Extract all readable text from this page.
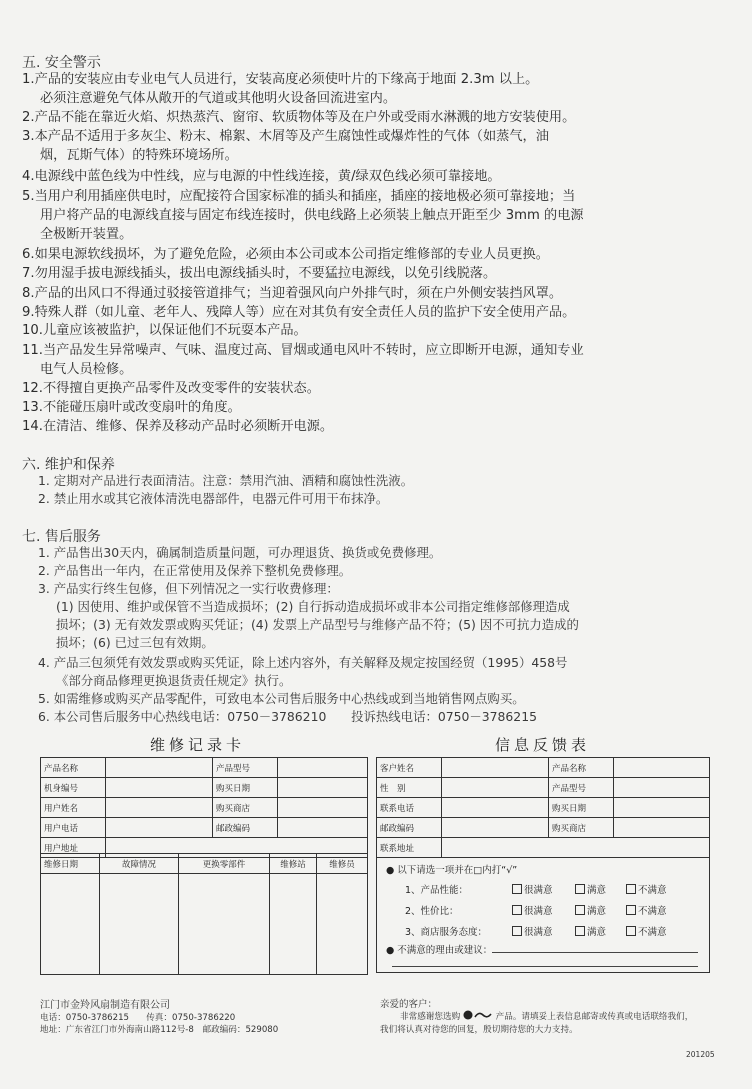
五. 安全警示
1.产品的安装应由专业电气人员进行，安装高度必须使叶片的下缘高于地面 2.3m 以上。
必须注意避免气体从敞开的气道或其他明火设备回流进室内。
2.产品不能在靠近火焰、炽热蒸汽、窗帘、软质物体等及在户外或受雨水淋溅的地方安装使用。
3.本产品不适用于多灰尘、粉末、棉絮、木屑等及产生腐蚀性或爆炸性的气体（如蒸气，油
烟，瓦斯气体）的特殊环境场所。
4.电源线中蓝色线为中性线，应与电源的中性线连接，黄/绿双色线必须可靠接地。
5.当用户利用插座供电时，应配接符合国家标准的插头和插座，插座的接地极必须可靠接地；当
用户将产品的电源线直接与固定布线连接时，供电线路上必须装上触点开距至少 3mm 的电源
全极断开装置。
6.如果电源软线损坏，为了避免危险，必须由本公司或本公司指定维修部的专业人员更换。
7.勿用湿手拔电源线插头，拔出电源线插头时，不要猛拉电源线，以免引线脱落。
8.产品的出风口不得通过驳接管道排气；当迎着强风向户外排气时，须在户外侧安装挡风罩。
9.特殊人群（如儿童、老年人、残障人等）应在对其负有安全责任人员的监护下安全使用产品。
10.儿童应该被监护，以保证他们不玩耍本产品。
11.当产品发生异常噪声、气味、温度过高、冒烟或通电风叶不转时，应立即断开电源，通知专业
电气人员检修。
12.不得擅自更换产品零件及改变零件的安装状态。
13.不能碰压扇叶或改变扇叶的角度。
14.在清洁、维修、保养及移动产品时必须断开电源。
六. 维护和保养
1. 定期对产品进行表面清洁。注意：禁用汽油、酒精和腐蚀性洗液。
2. 禁止用水或其它液体清洗电器部件，电器元件可用干布抹净。
七. 售后服务
1. 产品售出30天内，确属制造质量问题，可办理退货、换货或免费修理。
2. 产品售出一年内，在正常使用及保养下整机免费修理。
3. 产品实行终生包修，但下列情况之一实行收费修理：
(1) 因使用、维护或保管不当造成损坏；(2) 自行拆动造成损坏或非本公司指定维修部修理造成
损坏；(3) 无有效发票或购买凭证；(4) 发票上产品型号与维修产品不符；(5) 因不可抗力造成的
损坏；(6) 已过三包有效期。
4. 产品三包须凭有效发票或购买凭证，除上述内容外，有关解释及规定按国经贸（1995）458号
《部分商品修理更换退货责任规定》执行。
5. 如需维修或购买产品零配件，可致电本公司售后服务中心热线或到当地销售网点购买。
6. 本公司售后服务中心热线电话：0750－3786210　　投诉热线电话：0750－3786215
维修记录卡
产品名称		产品型号	
机身编号		购买日期	
用户姓名		购买商店	
用户电话		邮政编码	
用户地址			
维修日期	故障情况	更换零部件	维修站	维修员

信息反馈表
客户姓名		产品名称	
性　别		产品型号	
联系电话		购买日期	
邮政编码		购买商店	
联系地址			
● 以下请选一项并在□内打“√”
1、产品性能：	很满意	满意	不满意
2、性价比：	很满意	满意	不满意
3、商店服务态度：	很满意	满意	不满意
● 不满意的理由或建议：
江门市金羚风扇制造有限公司
电话：0750-3786215　　传真：0750-3786220
地址：广东省江门市外海南山路112号-8　邮政编码：529080
亲爱的客户：
非常感谢您选购	产品。请填妥上表信息邮寄或传真或电话联络我们，
我们将认真对待您的回复，殷切期待您的大力支持。
201205
